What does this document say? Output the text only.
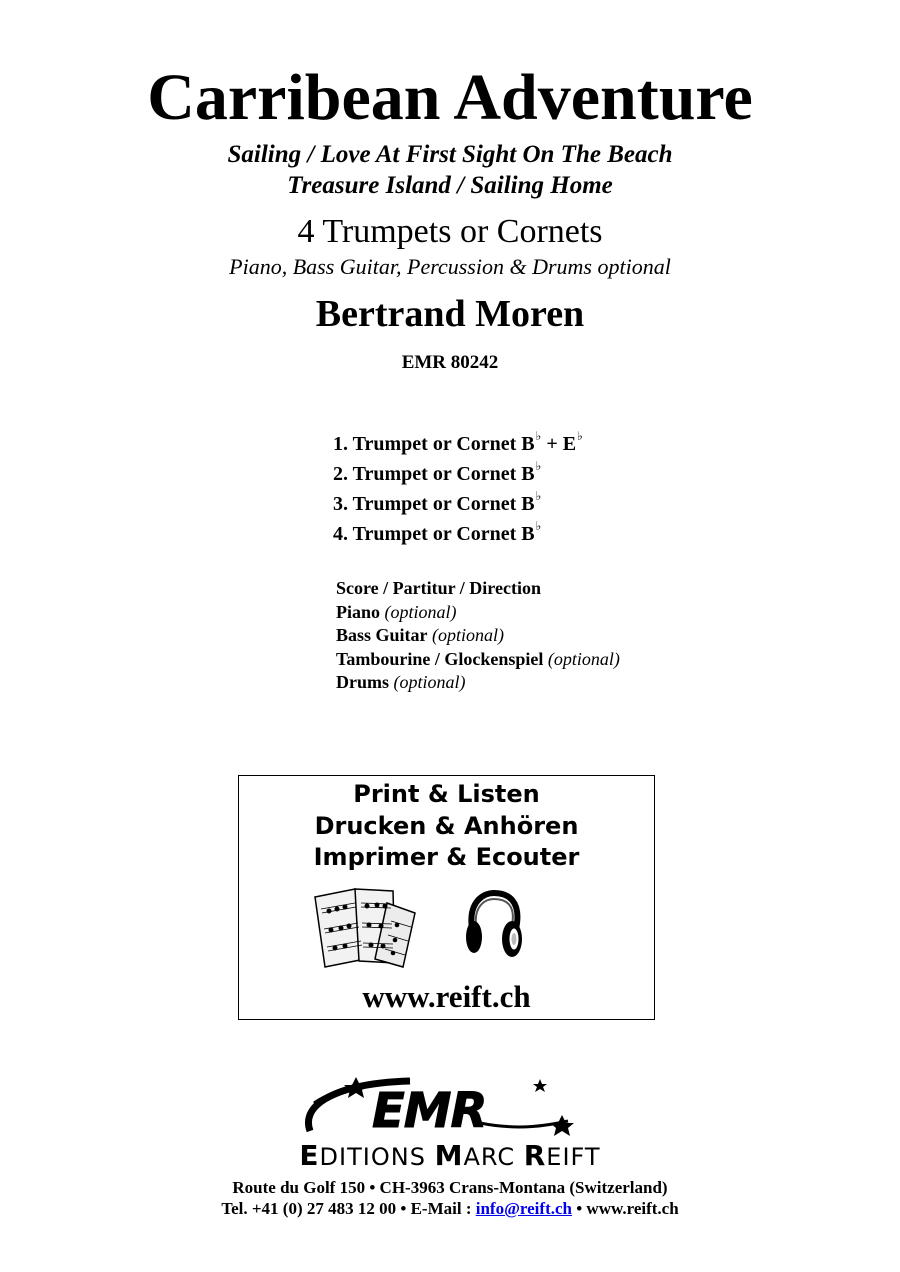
Carribean Adventure
Sailing / Love At First Sight On The Beach
Treasure Island / Sailing Home
4 Trumpets or Cornets
Piano, Bass Guitar, Percussion & Drums optional
Bertrand Moren
EMR 80242
1. Trumpet or Cornet B♭ + E♭
2. Trumpet or Cornet B♭
3. Trumpet or Cornet B♭
4. Trumpet or Cornet B♭
Score / Partitur / Direction
Piano (optional)
Bass Guitar (optional)
Tambourine / Glockenspiel (optional)
Drums (optional)
Print & Listen
Drucken & Anhören
Imprimer & Ecouter
www.reift.ch
EMR
EDITIONS MARC REIFT
Route du Golf 150 • CH-3963 Crans-Montana (Switzerland)
Tel. +41 (0) 27 483 12 00 • E-Mail : info@reift.ch • www.reift.ch
